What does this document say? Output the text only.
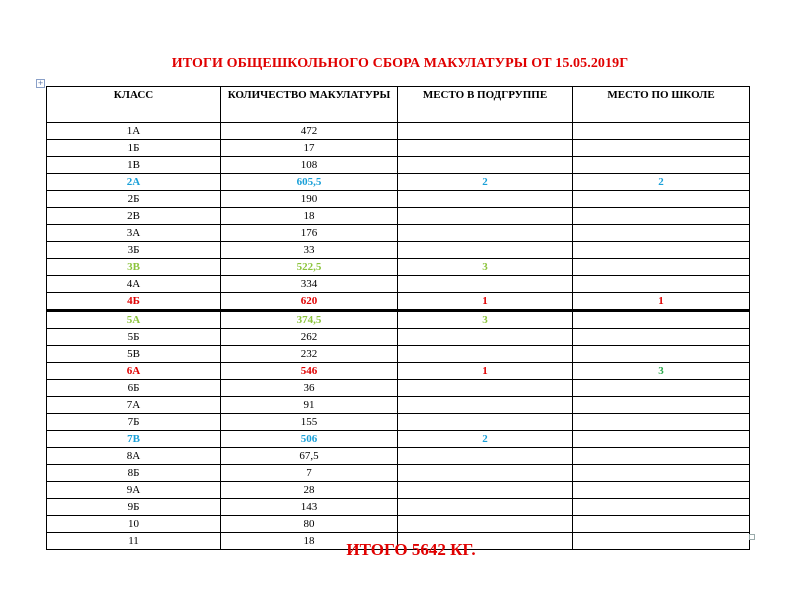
ИТОГИ ОБЩЕШКОЛЬНОГО СБОРА МАКУЛАТУРЫ ОТ 15.05.2019Г
+
КЛАСС	КОЛИЧЕСТВО МАКУЛАТУРЫ	МЕСТО В ПОДГРУППЕ	МЕСТО ПО ШКОЛЕ
1А	472		
1Б	17		
1В	108		
2А	605,5	2	2
2Б	190		
2В	18		
3А	176		
3Б	33		
3В	522,5	3	
4А	334		
4Б	620	1	1
5А	374,5	3	
5Б	262		
5В	232		
6А	546	1	3
6Б	36		
7А	91		
7Б	155		
7В	506	2	
8А	67,5		
8Б	7		
9А	28		
9Б	143		
10	80		
11	18			ИТОГО 5642 КГ.
